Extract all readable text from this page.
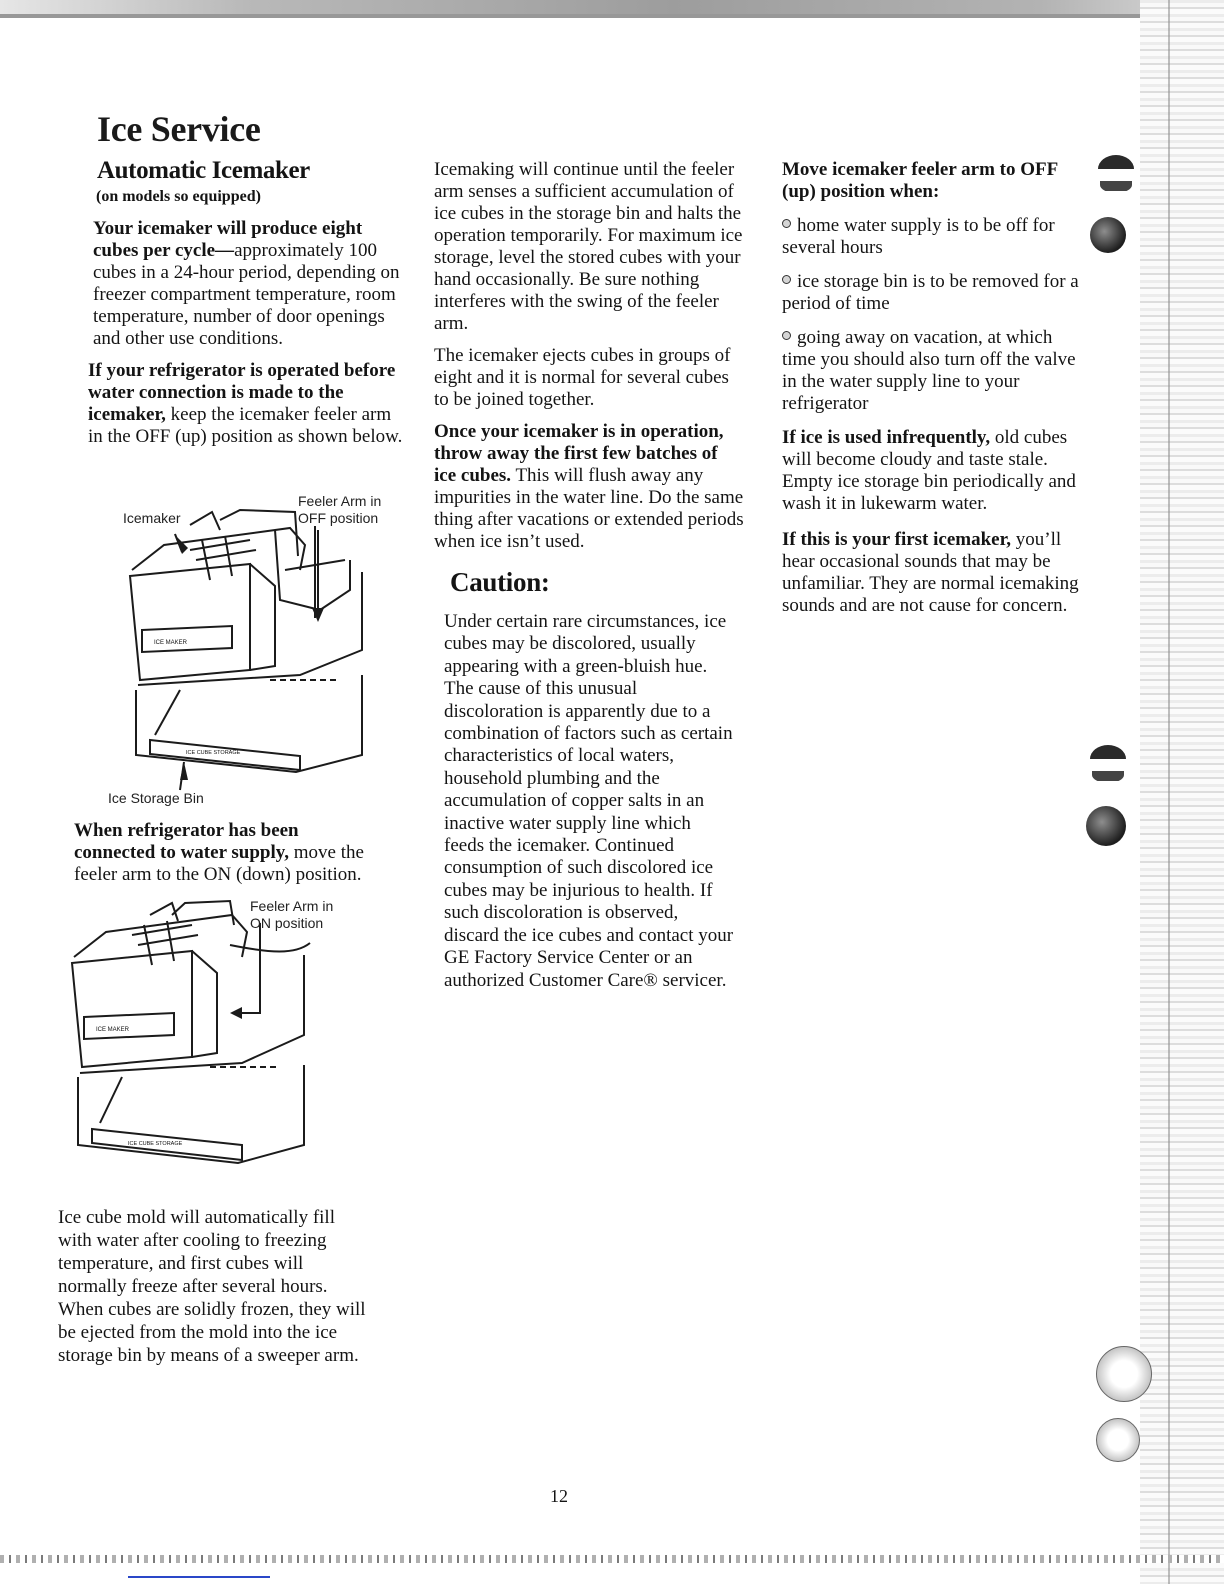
Ice Service
Automatic Icemaker

(on models so equipped)

Your icemaker will produce eight cubes per cycle—approximately 100 cubes in a 24-hour period, depending on freezer compartment temperature, room temperature, number of door openings and other use conditions.

If your refrigerator is operated before water connection is made to the icemaker, keep the icemaker feeler arm in the OFF (up) position as shown below.

ICE MAKER
ICE CUBE STORAGE
Icemaker
Feeler Arm in
OFF position
Ice Storage Bin

When refrigerator has been connected to water supply, move the feeler arm to the ON (down) position.

ICE MAKER
ICE CUBE STORAGE
Feeler Arm in
ON position

Ice cube mold will automatically fill with water after cooling to freezing temperature, and first cubes will normally freeze after several hours. When cubes are solidly frozen, they will be ejected from the mold into the ice storage bin by means of a sweeper arm.

Icemaking will continue until the feeler arm senses a sufficient accumulation of ice cubes in the storage bin and halts the operation temporarily. For maximum ice storage, level the stored cubes with your hand occasionally. Be sure nothing interferes with the swing of the feeler arm.

The icemaker ejects cubes in groups of eight and it is normal for several cubes to be joined together.

Once your icemaker is in operation, throw away the first few batches of ice cubes. This will flush away any impurities in the water line. Do the same thing after vacations or extended periods when ice isn’t used.

Caution:

Under certain rare circumstances, ice cubes may be discolored, usually appearing with a green-bluish hue. The cause of this unusual discoloration is apparently due to a combination of factors such as certain characteristics of local waters, household plumbing and the accumulation of copper salts in an inactive water supply line which feeds the icemaker. Continued consumption of such discolored ice cubes may be injurious to health. If such discoloration is observed, discard the ice cubes and contact your GE Factory Service Center or an authorized Customer Care® servicer.

Move icemaker feeler arm to OFF (up) position when:

home water supply is to be off for several hours
ice storage bin is to be removed for a period of time
going away on vacation, at which time you should also turn off the valve in the water supply line to your refrigerator

If ice is used infrequently, old cubes will become cloudy and taste stale. Empty ice storage bin periodically and wash it in lukewarm water.

If this is your first icemaker, you’ll hear occasional sounds that may be unfamiliar. They are normal icemaking sounds and are not cause for concern.

12
